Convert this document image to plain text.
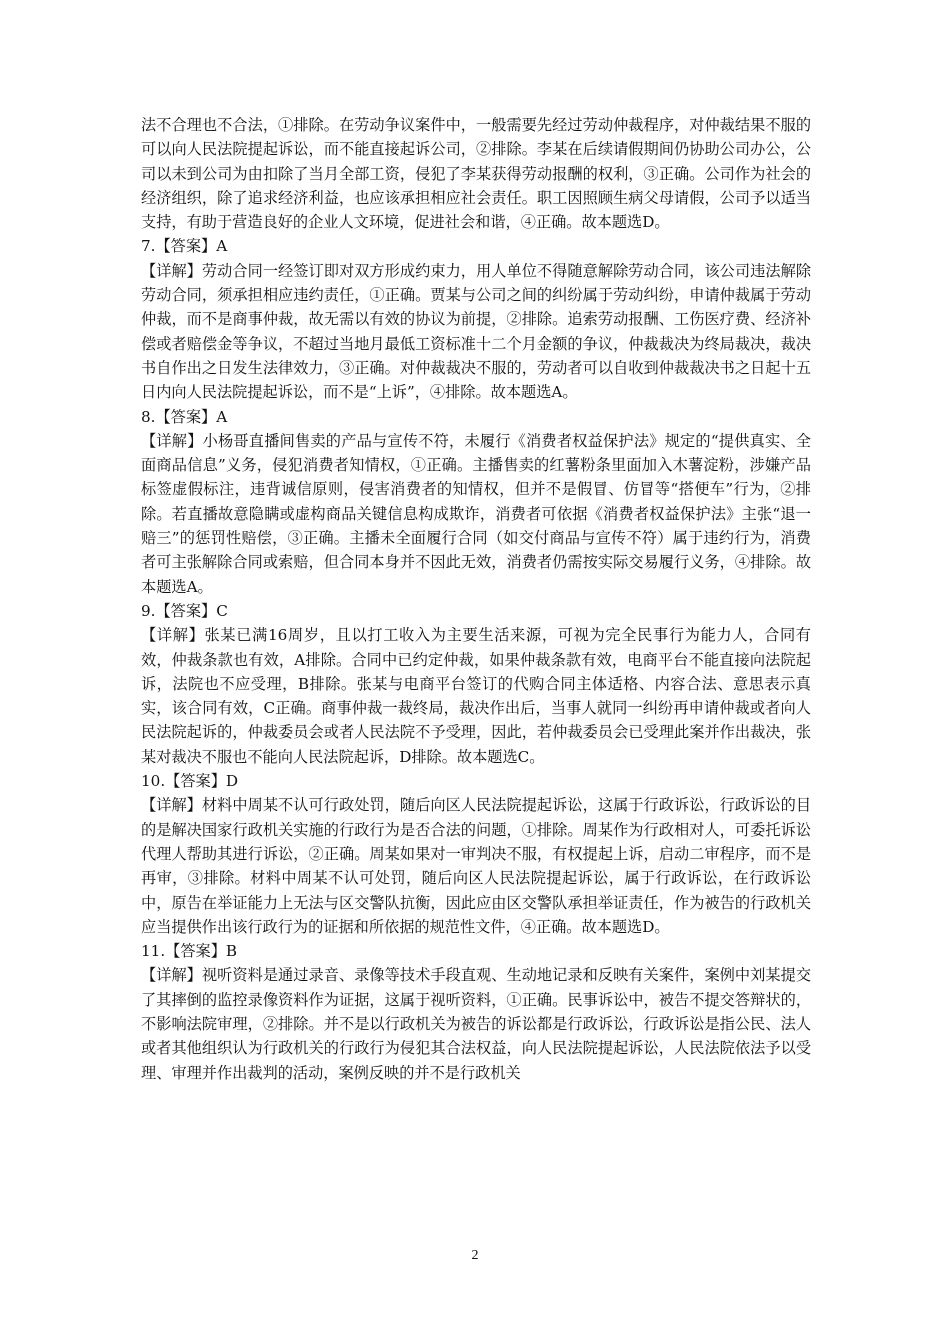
法不合理也不合法，①排除。在劳动争议案件中，一般需要先经过劳动仲裁程序，对仲裁结果不服的可以向人民法院提起诉讼，而不能直接起诉公司，②排除。李某在后续请假期间仍协助公司办公，公司以未到公司为由扣除了当月全部工资，侵犯了李某获得劳动报酬的权利，③正确。公司作为社会的经济组织，除了追求经济利益，也应该承担相应社会责任。职工因照顾生病父母请假，公司予以适当支持，有助于营造良好的企业人文环境，促进社会和谐，④正确。故本题选D。

7.【答案】A

【详解】劳动合同一经签订即对双方形成约束力，用人单位不得随意解除劳动合同，该公司违法解除劳动合同，须承担相应违约责任，①正确。贾某与公司之间的纠纷属于劳动纠纷，申请仲裁属于劳动仲裁，而不是商事仲裁，故无需以有效的协议为前提，②排除。追索劳动报酬、工伤医疗费、经济补偿或者赔偿金等争议，不超过当地月最低工资标准十二个月金额的争议，仲裁裁决为终局裁决，裁决书自作出之日发生法律效力，③正确。对仲裁裁决不服的，劳动者可以自收到仲裁裁决书之日起十五日内向人民法院提起诉讼，而不是“上诉”，④排除。故本题选A。

8.【答案】A

【详解】小杨哥直播间售卖的产品与宣传不符，未履行《消费者权益保护法》规定的“提供真实、全面商品信息”义务，侵犯消费者知情权，①正确。主播售卖的红薯粉条里面加入木薯淀粉，涉嫌产品标签虚假标注，违背诚信原则，侵害消费者的知情权，但并不是假冒、仿冒等“搭便车”行为，②排除。若直播故意隐瞒或虚构商品关键信息构成欺诈，消费者可依据《消费者权益保护法》主张“退一赔三”的惩罚性赔偿，③正确。主播未全面履行合同（如交付商品与宣传不符）属于违约行为，消费者可主张解除合同或索赔，但合同本身并不因此无效，消费者仍需按实际交易履行义务，④排除。故本题选A。

9.【答案】C

【详解】张某已满16周岁，且以打工收入为主要生活来源，可视为完全民事行为能力人，合同有效，仲裁条款也有效，A排除。合同中已约定仲裁，如果仲裁条款有效，电商平台不能直接向法院起诉，法院也不应受理，B排除。张某与电商平台签订的代购合同主体适格、内容合法、意思表示真实，该合同有效，C正确。商事仲裁一裁终局，裁决作出后，当事人就同一纠纷再申请仲裁或者向人民法院起诉的，仲裁委员会或者人民法院不予受理，因此，若仲裁委员会已受理此案并作出裁决，张某对裁决不服也不能向人民法院起诉，D排除。故本题选C。

10.【答案】D

【详解】材料中周某不认可行政处罚，随后向区人民法院提起诉讼，这属于行政诉讼，行政诉讼的目的是解决国家行政机关实施的行政行为是否合法的问题，①排除。周某作为行政相对人，可委托诉讼代理人帮助其进行诉讼，②正确。周某如果对一审判决不服，有权提起上诉，启动二审程序，而不是再审，③排除。材料中周某不认可处罚，随后向区人民法院提起诉讼，属于行政诉讼，在行政诉讼中，原告在举证能力上无法与区交警队抗衡，因此应由区交警队承担举证责任，作为被告的行政机关应当提供作出该行政行为的证据和所依据的规范性文件，④正确。故本题选D。

11.【答案】B

【详解】视听资料是通过录音、录像等技术手段直观、生动地记录和反映有关案件，案例中刘某提交了其摔倒的监控录像资料作为证据，这属于视听资料，①正确。民事诉讼中，被告不提交答辩状的，不影响法院审理，②排除。并不是以行政机关为被告的诉讼都是行政诉讼，行政诉讼是指公民、法人或者其他组织认为行政机关的行政行为侵犯其合法权益，向人民法院提起诉讼，人民法院依法予以受理、审理并作出裁判的活动，案例反映的并不是行政机关

2
